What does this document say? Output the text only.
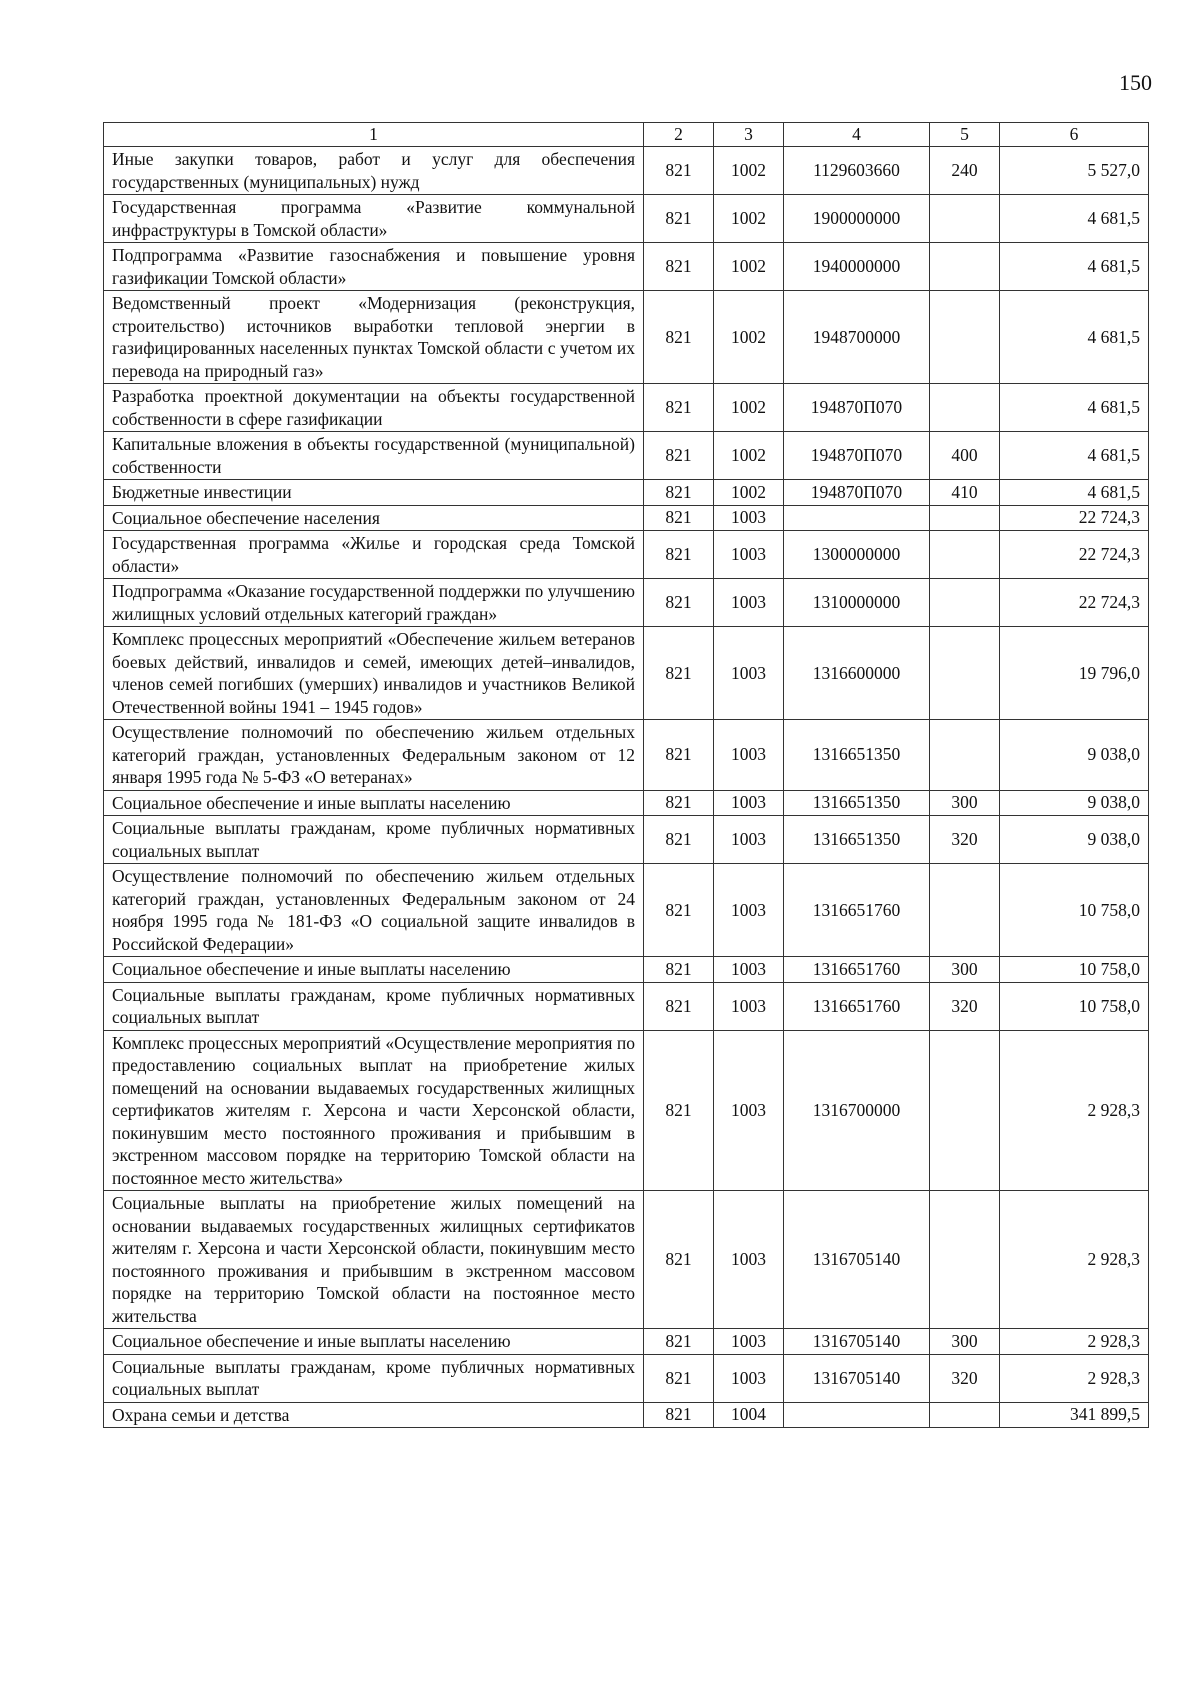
150
1	2	3	4	5	6
Иные закупки товаров, работ и услуг для обеспечения государственных (муниципальных) нужд	821	1002	1129603660	240	5 527,0
Государственная программа «Развитие коммунальной инфраструктуры в Томской области»	821	1002	1900000000		4 681,5
Подпрограмма «Развитие газоснабжения и повышение уровня газификации Томской области»	821	1002	1940000000		4 681,5
Ведомственный проект «Модернизация (реконструкция, строительство) источников выработки тепловой энергии в газифицированных населенных пунктах Томской области с учетом их перевода на природный газ»	821	1002	1948700000		4 681,5
Разработка проектной документации на объекты государственной собственности в сфере газификации	821	1002	194870П070		4 681,5
Капитальные вложения в объекты государственной (муниципальной) собственности	821	1002	194870П070	400	4 681,5
Бюджетные инвестиции	821	1002	194870П070	410	4 681,5
Социальное обеспечение населения	821	1003			22 724,3
Государственная программа «Жилье и городская среда Томской области»	821	1003	1300000000		22 724,3
Подпрограмма «Оказание государственной поддержки по улучшению жилищных условий отдельных категорий граждан»	821	1003	1310000000		22 724,3
Комплекс процессных мероприятий «Обеспечение жильем ветеранов боевых действий, инвалидов и семей, имеющих детей–инвалидов, членов семей погибших (умерших) инвалидов и участников Великой Отечественной войны 1941 – 1945 годов»	821	1003	1316600000		19 796,0
Осуществление полномочий по обеспечению жильем отдельных категорий граждан, установленных Федеральным законом от 12 января 1995 года № 5-ФЗ «О ветеранах»	821	1003	1316651350		9 038,0
Социальное обеспечение и иные выплаты населению	821	1003	1316651350	300	9 038,0
Социальные выплаты гражданам, кроме публичных нормативных социальных выплат	821	1003	1316651350	320	9 038,0
Осуществление полномочий по обеспечению жильем отдельных категорий граждан, установленных Федеральным законом от 24 ноября 1995 года № 181-ФЗ «О социальной защите инвалидов в Российской Федерации»	821	1003	1316651760		10 758,0
Социальное обеспечение и иные выплаты населению	821	1003	1316651760	300	10 758,0
Социальные выплаты гражданам, кроме публичных нормативных социальных выплат	821	1003	1316651760	320	10 758,0
Комплекс процессных мероприятий «Осуществление мероприятия по предоставлению социальных выплат на приобретение жилых помещений на основании выдаваемых государственных жилищных сертификатов жителям г. Херсона и части Херсонской области, покинувшим место постоянного проживания и прибывшим в экстренном массовом порядке на территорию Томской области на постоянное место жительства»	821	1003	1316700000		2 928,3
Социальные выплаты на приобретение жилых помещений на основании выдаваемых государственных жилищных сертификатов жителям г. Херсона и части Херсонской области, покинувшим место постоянного проживания и прибывшим в экстренном массовом порядке на территорию Томской области на постоянное место жительства	821	1003	1316705140		2 928,3
Социальное обеспечение и иные выплаты населению	821	1003	1316705140	300	2 928,3
Социальные выплаты гражданам, кроме публичных нормативных социальных выплат	821	1003	1316705140	320	2 928,3
Охрана семьи и детства	821	1004			341 899,5
